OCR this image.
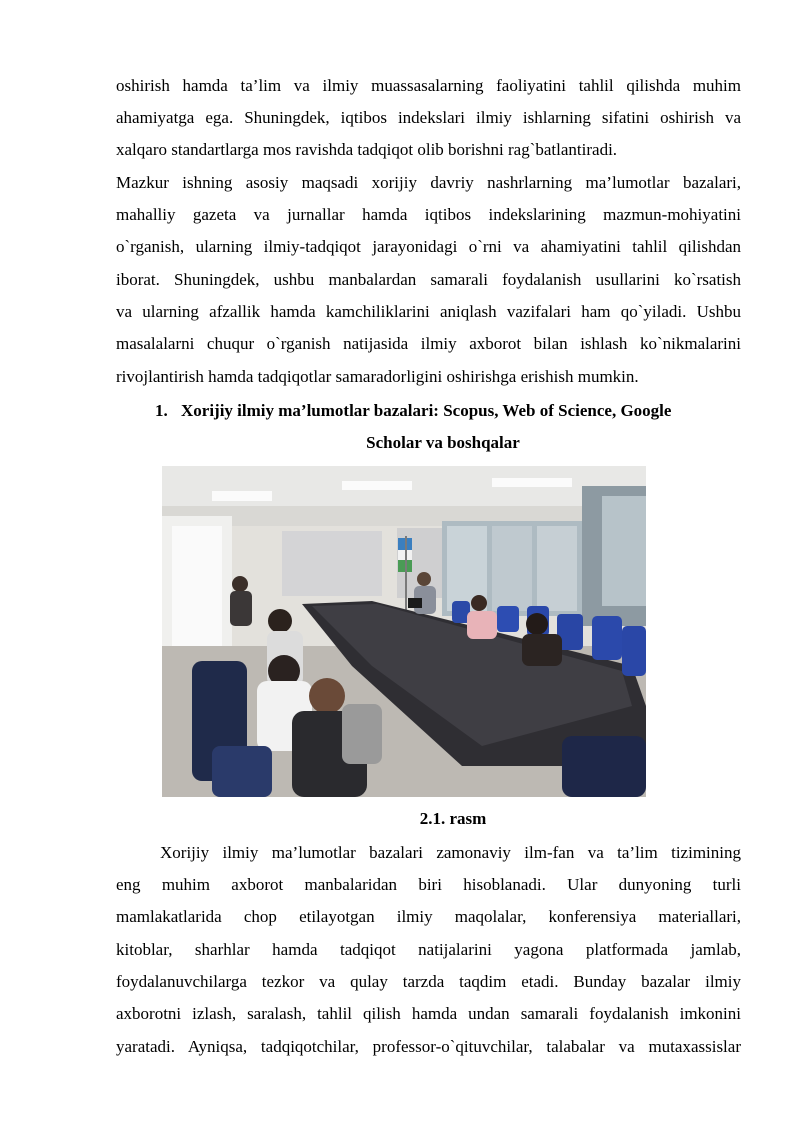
oshirish hamda ta’lim va ilmiy muassasalarning faoliyatini tahlil qilishda muhim
ahamiyatga ega. Shuningdek, iqtibos indekslari ilmiy ishlarning sifatini oshirish va
xalqaro standartlarga mos ravishda tadqiqot olib borishni rag`batlantiradi.
Mazkur ishning asosiy maqsadi xorijiy davriy nashrlarning ma’lumotlar bazalari,
mahalliy gazeta va jurnallar hamda iqtibos indekslarining mazmun-mohiyatini
o`rganish, ularning ilmiy-tadqiqot jarayonidagi o`rni va ahamiyatini tahlil qilishdan
iborat. Shuningdek, ushbu manbalardan samarali foydalanish usullarini ko`rsatish
va ularning afzallik hamda kamchiliklarini aniqlash vazifalari ham qo`yiladi. Ushbu
masalalarni chuqur o`rganish natijasida ilmiy axborot bilan ishlash ko`nikmalarini
rivojlantirish hamda tadqiqotlar samaradorligini oshirishga erishish mumkin.
1. Xorijiy ilmiy ma’lumotlar bazalari: Scopus, Web of Science, Google
Scholar va boshqalar
2.1. rasm
Xorijiy ilmiy ma’lumotlar bazalari zamonaviy ilm-fan va ta’lim tizimining
eng muhim axborot manbalaridan biri hisoblanadi. Ular dunyoning turli
mamlakatlarida chop etilayotgan ilmiy maqolalar, konferensiya materiallari,
kitoblar, sharhlar hamda tadqiqot natijalarini yagona platformada jamlab,
foydalanuvchilarga tezkor va qulay tarzda taqdim etadi. Bunday bazalar ilmiy
axborotni izlash, saralash, tahlil qilish hamda undan samarali foydalanish imkonini
yaratadi. Ayniqsa, tadqiqotchilar, professor-o`qituvchilar, talabalar va mutaxassislar
